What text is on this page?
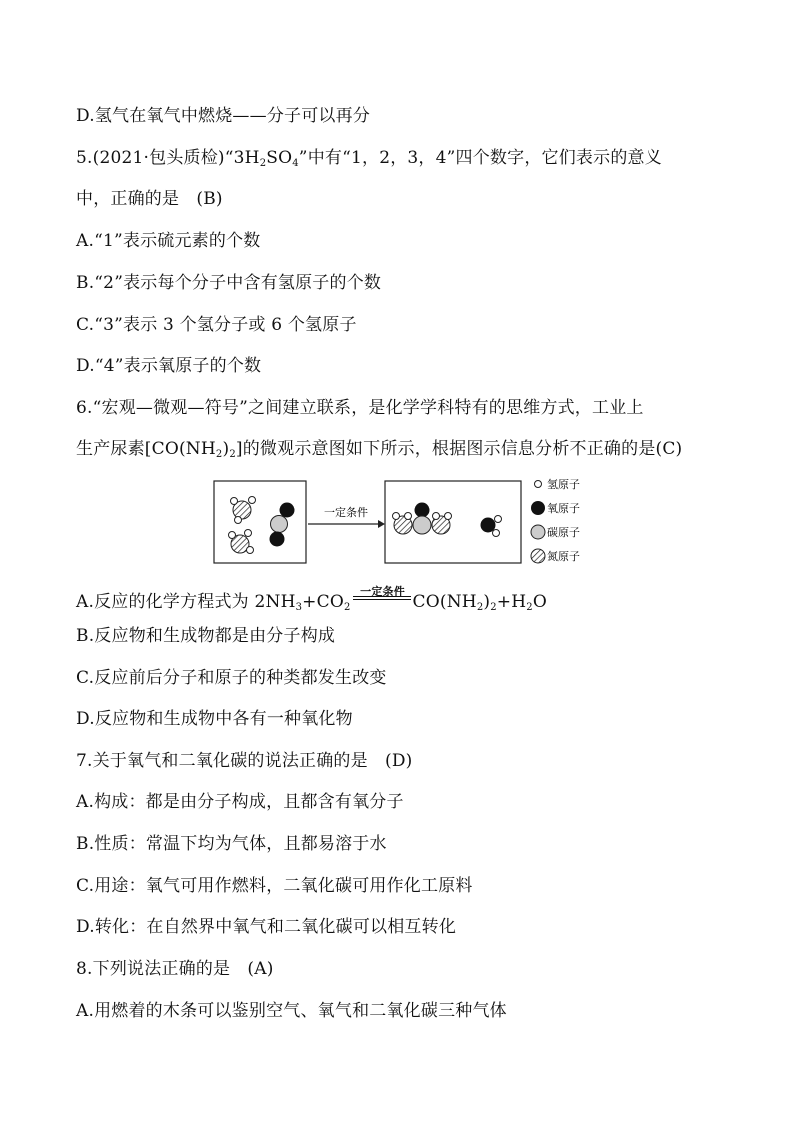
D.氢气在氧气中燃烧——分子可以再分
5.(2021·包头质检)“$3H_2SO_4$”中有“1，2，3，4”四个数字，它们表示的意义
中，正确的是　(B)
A.“1”表示硫元素的个数
B.“2”表示每个分子中含有氢原子的个数
C.“3”表示 3 个氢分子或 6 个氢原子
D.“4”表示氧原子的个数
6.“宏观—微观—符号”之间建立联系，是化学学科特有的思维方式，工业上
生产尿素$[CO(NH_2)_2]$的微观示意图如下所示，根据图示信息分析不正确的是(C)
一定条件
氢原子
氧原子
碳原子
氮原子
A.反应的化学方程式为 $2NH_3+CO_2$
一定条件
$CO(NH_2)_2+H_2O$
B.反应物和生成物都是由分子构成
C.反应前后分子和原子的种类都发生改变
D.反应物和生成物中各有一种氧化物
7.关于氧气和二氧化碳的说法正确的是　(D)
A.构成：都是由分子构成，且都含有氧分子
B.性质：常温下均为气体，且都易溶于水
C.用途：氧气可用作燃料，二氧化碳可用作化工原料
D.转化：在自然界中氧气和二氧化碳可以相互转化
8.下列说法正确的是　(A)
A.用燃着的木条可以鉴别空气、氧气和二氧化碳三种气体
